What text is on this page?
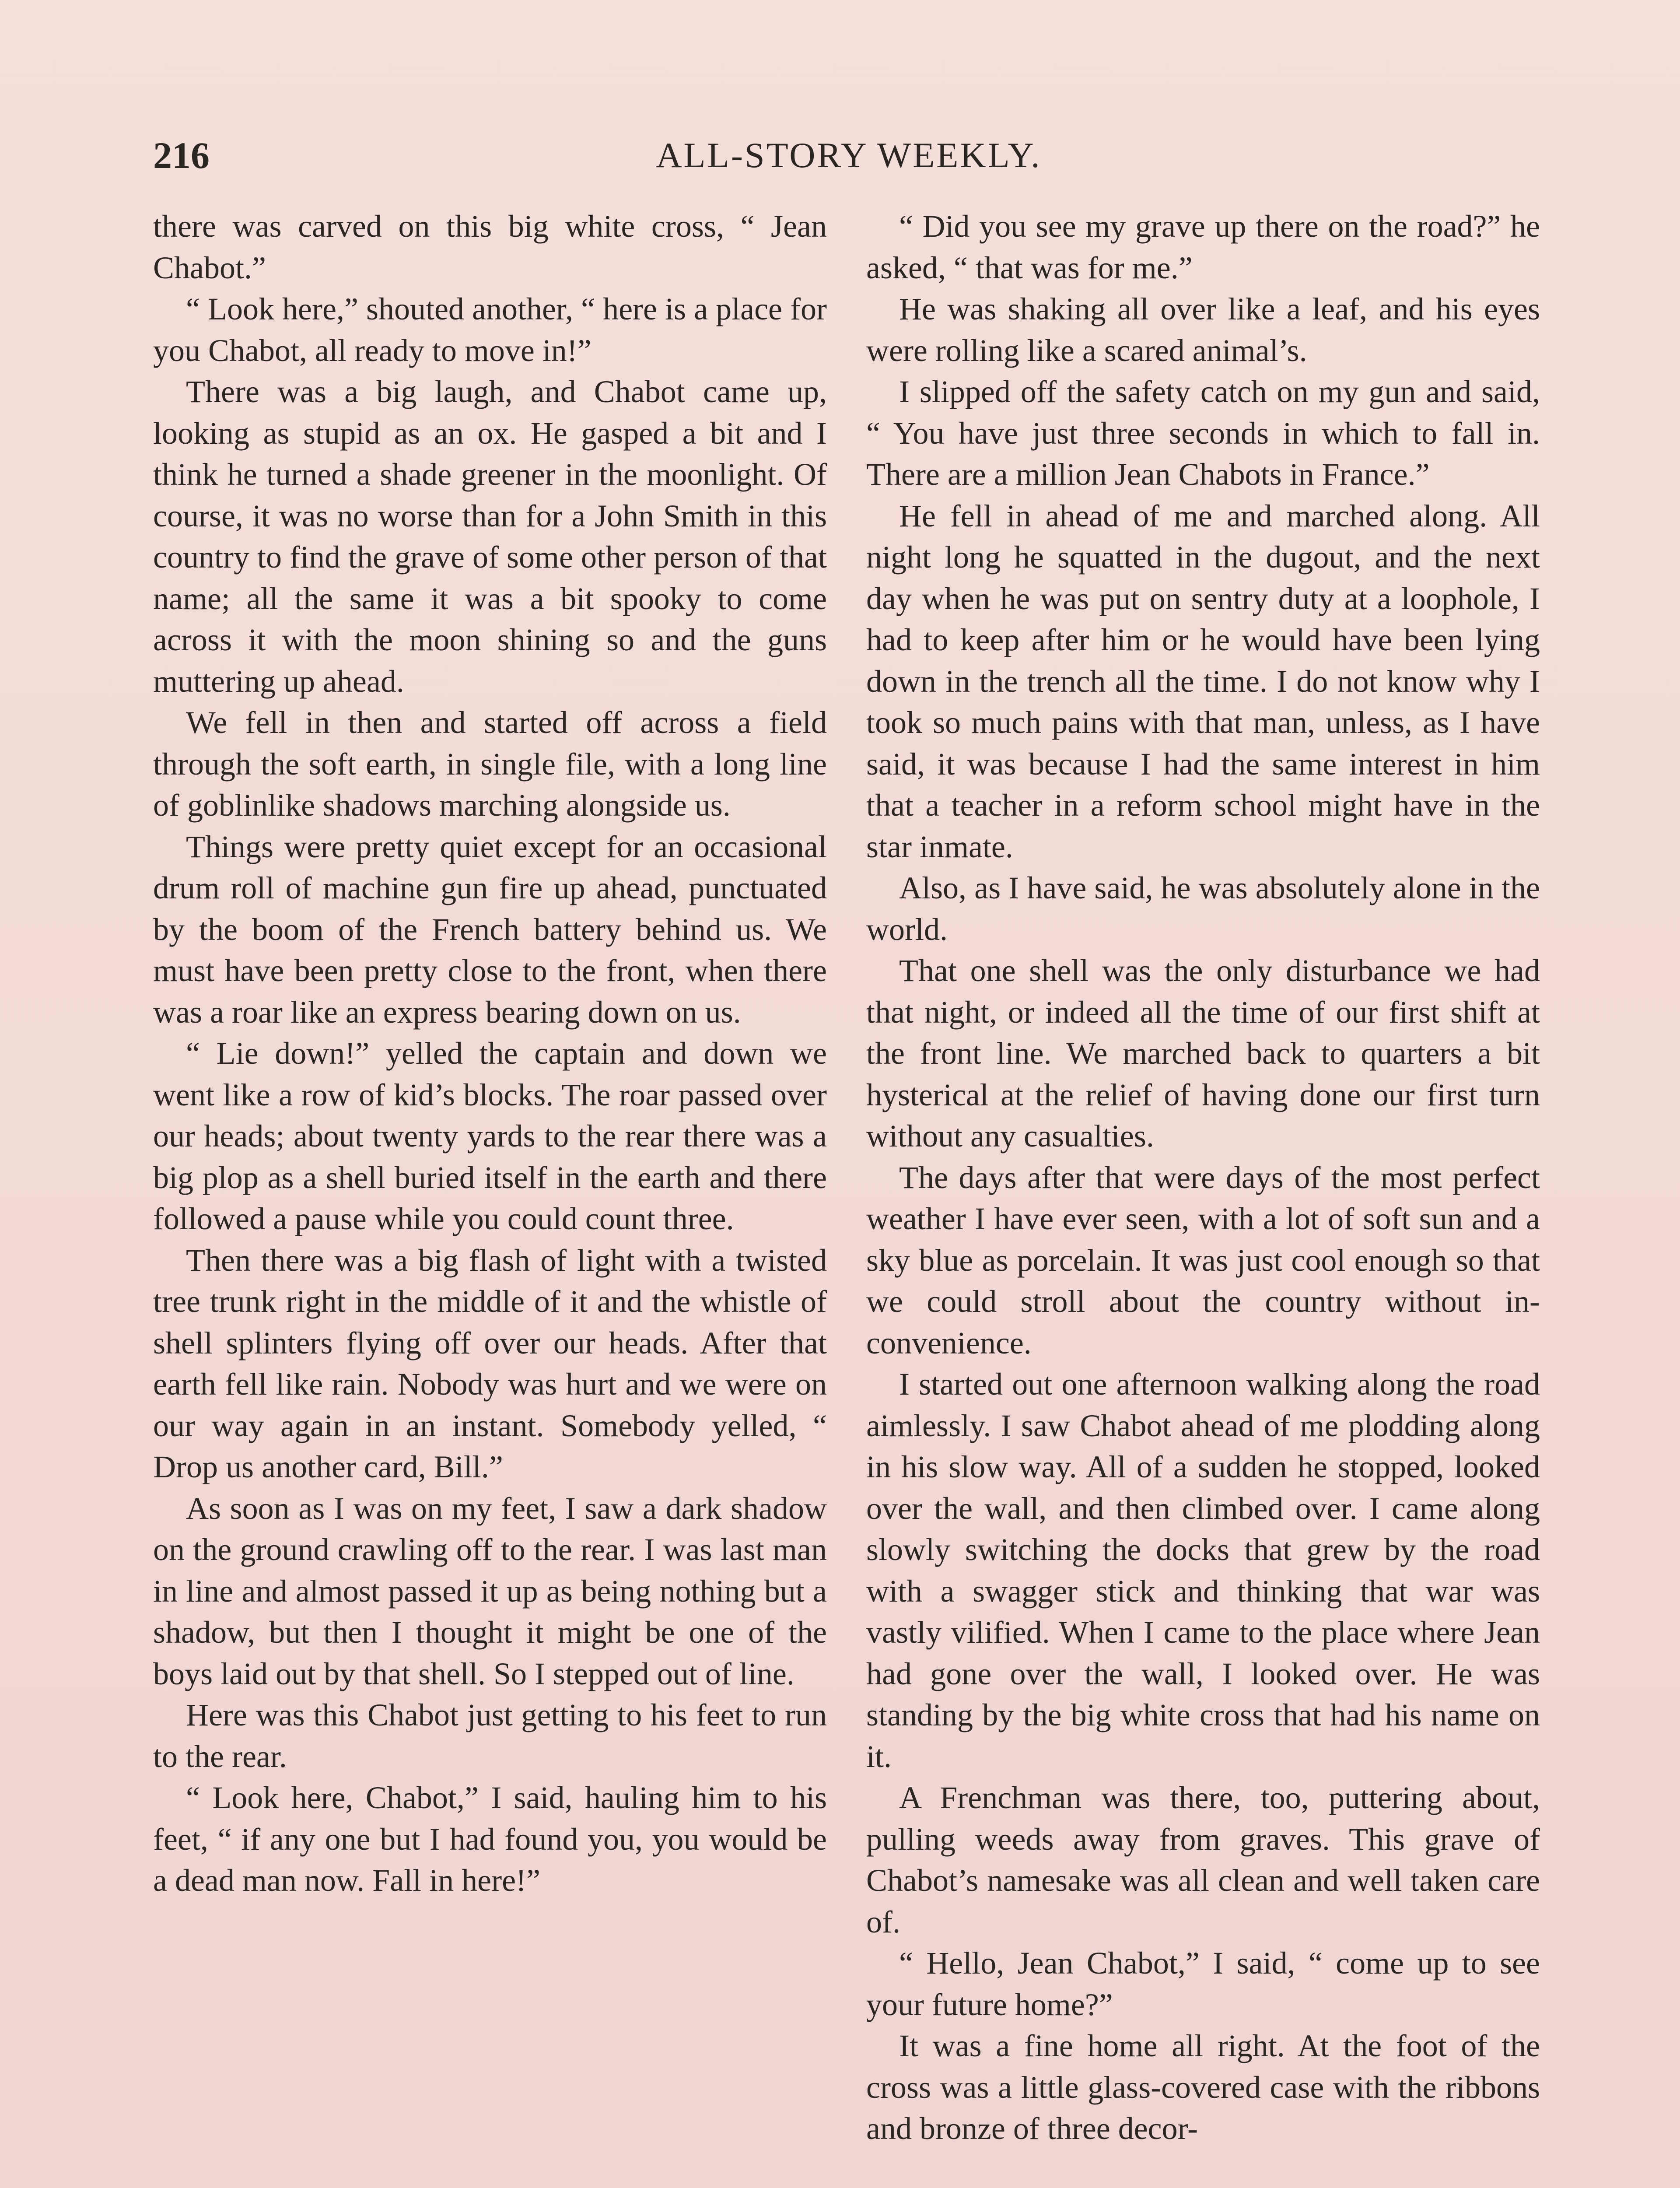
216	ALL-STORY WEEKLY.

there was carved on this big white cross, “ Jean Chabot.”

“ Look here,” shouted another, “ here is a place for you Chabot, all ready to move in!”

There was a big laugh, and Chabot came up, looking as stupid as an ox. He gasped a bit and I think he turned a shade greener in the moonlight. Of course, it was no worse than for a John Smith in this country to find the grave of some other person of that name; all the same it was a bit spooky to come across it with the moon shining so and the guns muttering up ahead.

We fell in then and started off across a field through the soft earth, in single file, with a long line of goblinlike shadows marching alongside us.

Things were pretty quiet except for an occasional drum roll of machine gun fire up ahead, punctuated by the boom of the French battery behind us. We must have been pretty close to the front, when there was a roar like an express bearing down on us.

“ Lie down!” yelled the captain and down we went like a row of kid’s blocks. The roar passed over our heads; about twenty yards to the rear there was a big plop as a shell buried itself in the earth and there followed a pause while you could count three.

Then there was a big flash of light with a twisted tree trunk right in the middle of it and the whistle of shell splinters flying off over our heads. After that earth fell like rain. Nobody was hurt and we were on our way again in an instant. Somebody yelled, “ Drop us another card, Bill.”

As soon as I was on my feet, I saw a dark shadow on the ground crawling off to the rear. I was last man in line and almost passed it up as being nothing but a shadow, but then I thought it might be one of the boys laid out by that shell. So I stepped out of line.

Here was this Chabot just getting to his feet to run to the rear.

“ Look here, Chabot,” I said, hauling him to his feet, “ if any one but I had found you, you would be a dead man now. Fall in here!”

“ Did you see my grave up there on the road?” he asked, “ that was for me.”

He was shaking all over like a leaf, and his eyes were rolling like a scared animal’s.

I slipped off the safety catch on my gun and said, “ You have just three seconds in which to fall in. There are a million Jean Chabots in France.”

He fell in ahead of me and marched along. All night long he squatted in the dugout, and the next day when he was put on sentry duty at a loophole, I had to keep after him or he would have been lying down in the trench all the time. I do not know why I took so much pains with that man, unless, as I have said, it was because I had the same interest in him that a teacher in a reform school might have in the star inmate.

Also, as I have said, he was absolutely alone in the world.

That one shell was the only disturbance we had that night, or indeed all the time of our first shift at the front line. We marched back to quarters a bit hysterical at the relief of having done our first turn without any casualties.

The days after that were days of the most perfect weather I have ever seen, with a lot of soft sun and a sky blue as porcelain. It was just cool enough so that we could stroll about the country without inconvenience.

I started out one afternoon walking along the road aimlessly. I saw Chabot ahead of me plodding along in his slow way. All of a sudden he stopped, looked over the wall, and then climbed over. I came along slowly switching the docks that grew by the road with a swagger stick and thinking that war was vastly vilified. When I came to the place where Jean had gone over the wall, I looked over. He was standing by the big white cross that had his name on it.

A Frenchman was there, too, puttering about, pulling weeds away from graves. This grave of Chabot’s namesake was all clean and well taken care of.

“ Hello, Jean Chabot,” I said, “ come up to see your future home?”

It was a fine home all right. At the foot of the cross was a little glass-covered case with the ribbons and bronze of three decor-
